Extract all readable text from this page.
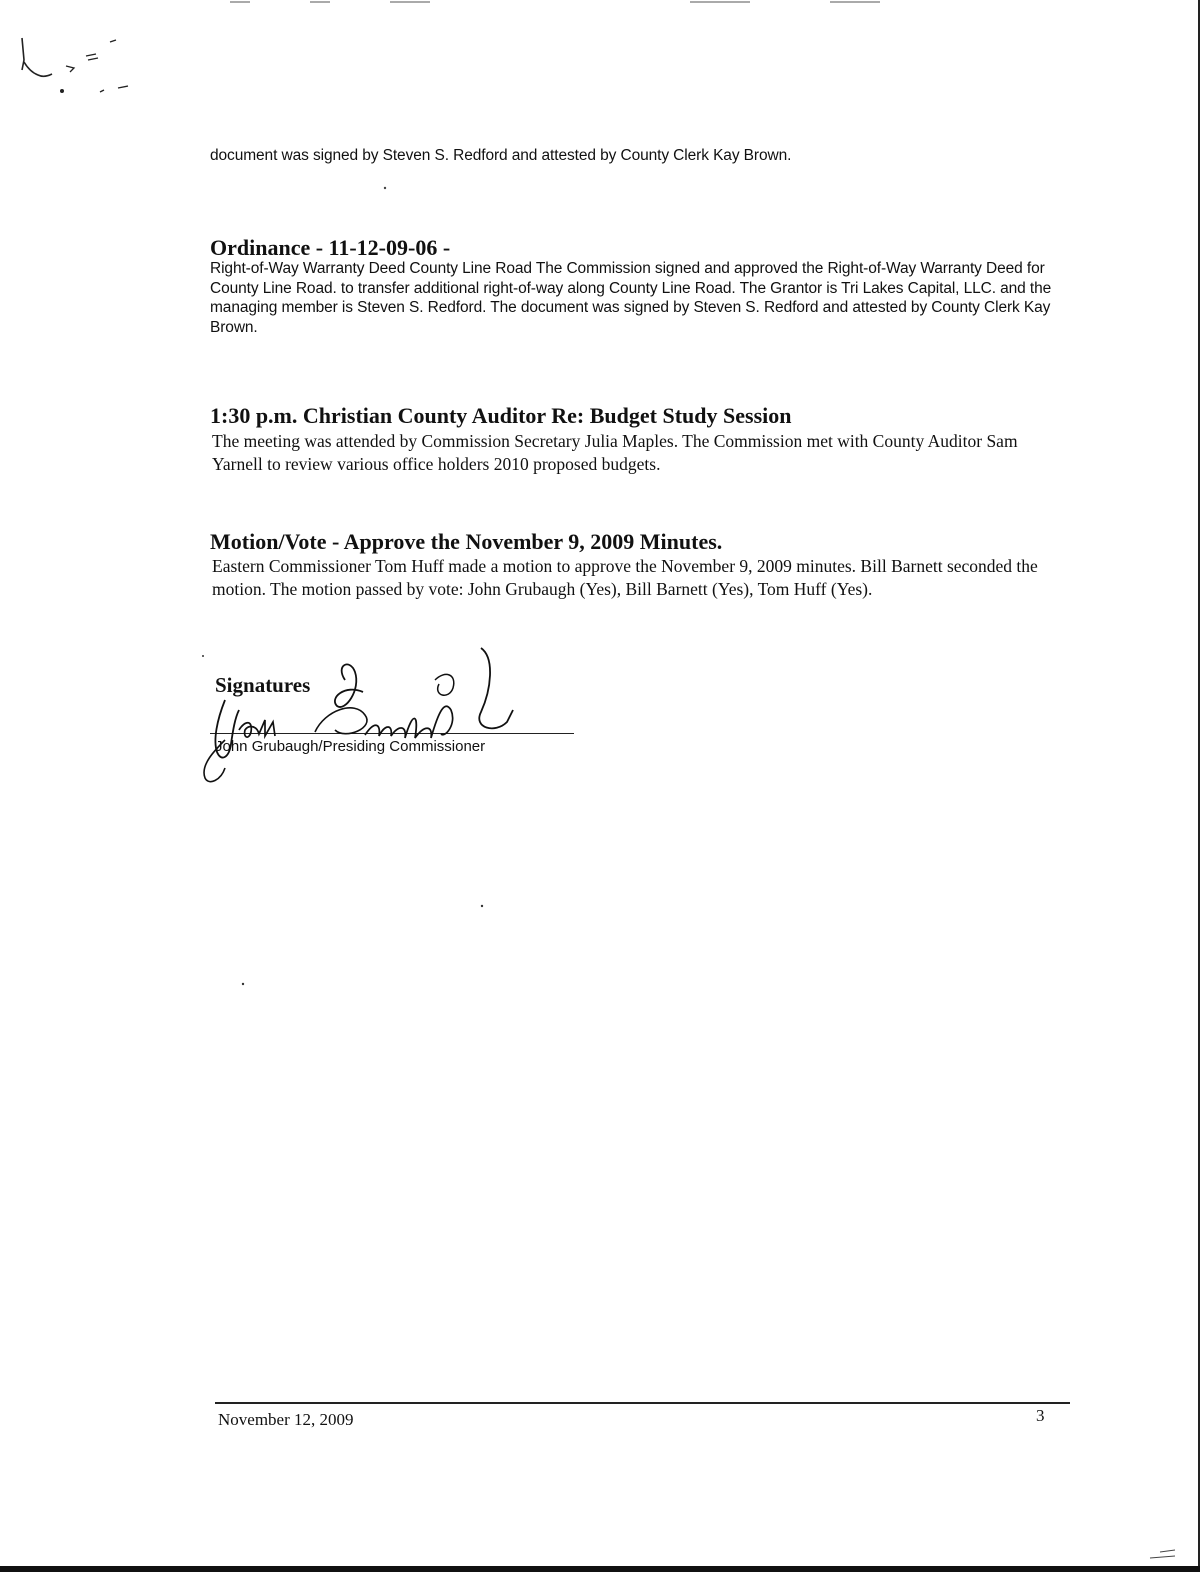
document was signed by Steven S. Redford and attested by County Clerk Kay Brown.
Ordinance - 11-12-09-06 -
Right-of-Way Warranty Deed County Line Road The Commission signed and approved the Right-of-Way Warranty Deed for County Line Road. to transfer additional right-of-way along County Line Road. The Grantor is Tri Lakes Capital, LLC. and the managing member is Steven S. Redford. The document was signed by Steven S. Redford and attested by County Clerk Kay Brown.
1:30 p.m. Christian County Auditor Re: Budget Study Session
The meeting was attended by Commission Secretary Julia Maples. The Commission met with County Auditor Sam Yarnell to review various office holders 2010 proposed budgets.
Motion/Vote - Approve the November 9, 2009 Minutes.
Eastern Commissioner Tom Huff made a motion to approve the November 9, 2009 minutes. Bill Barnett seconded the motion. The motion passed by vote: John Grubaugh (Yes), Bill Barnett (Yes), Tom Huff (Yes).
Signatures
John Grubaugh/Presiding Commissioner
November 12, 2009	3
